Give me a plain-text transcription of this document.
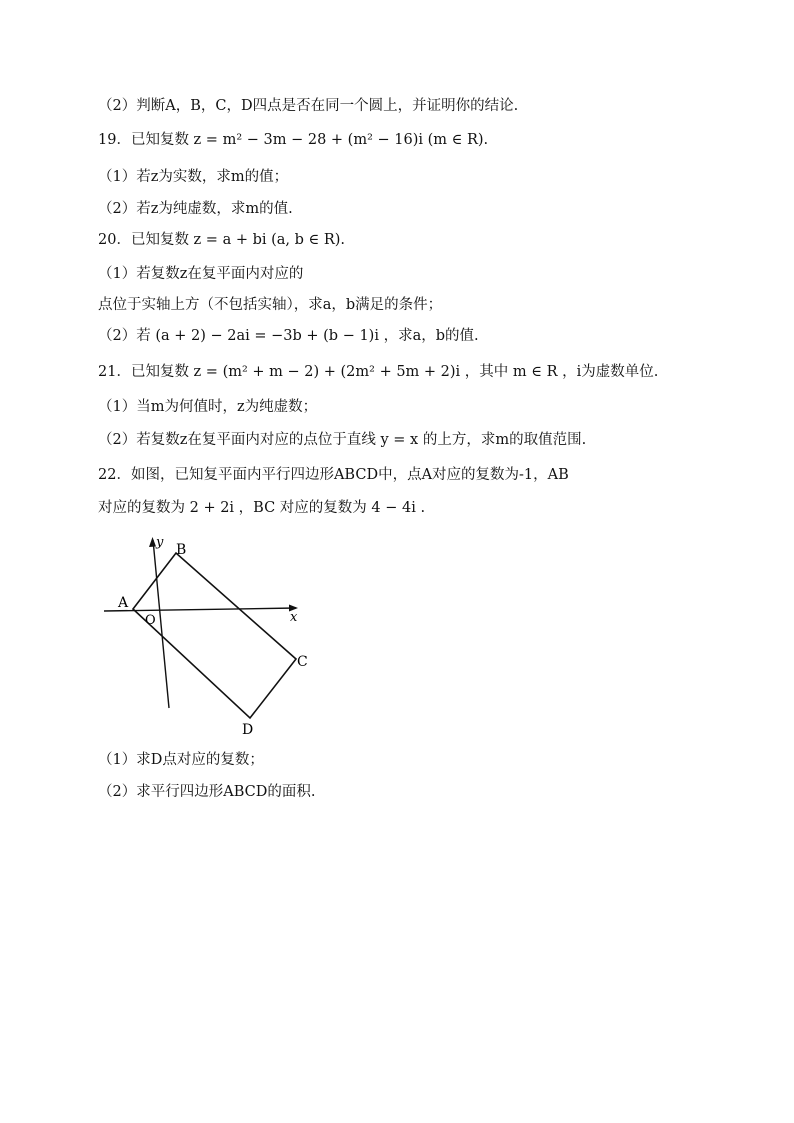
（2）判断A，B，C，D四点是否在同一个圆上，并证明你的结论.
19．已知复数 z = m² − 3m − 28 + (m² − 16)i (m ∈ R).
（1）若z为实数，求m的值；
（2）若z为纯虚数，求m的值.
20．已知复数 z = a + bi (a, b ∈ R).
（1）若复数z在复平面内对应的
点位于实轴上方（不包括实轴），求a，b满足的条件；
（2）若 (a + 2) − 2ai = −3b + (b − 1)i ，求a，b的值.
21．已知复数 z = (m² + m − 2) + (2m² + 5m + 2)i ，其中 m ∈ R ，i为虚数单位.
（1）当m为何值时，z为纯虚数；
（2）若复数z在复平面内对应的点位于直线 y = x 的上方，求m的取值范围.
22．如图，已知复平面内平行四边形ABCD中，点A对应的复数为-1，AB
对应的复数为 2 + 2i ，BC 对应的复数为 4 − 4i .
y B
A
O	x
C
D
（1）求D点对应的复数；
（2）求平行四边形ABCD的面积.
